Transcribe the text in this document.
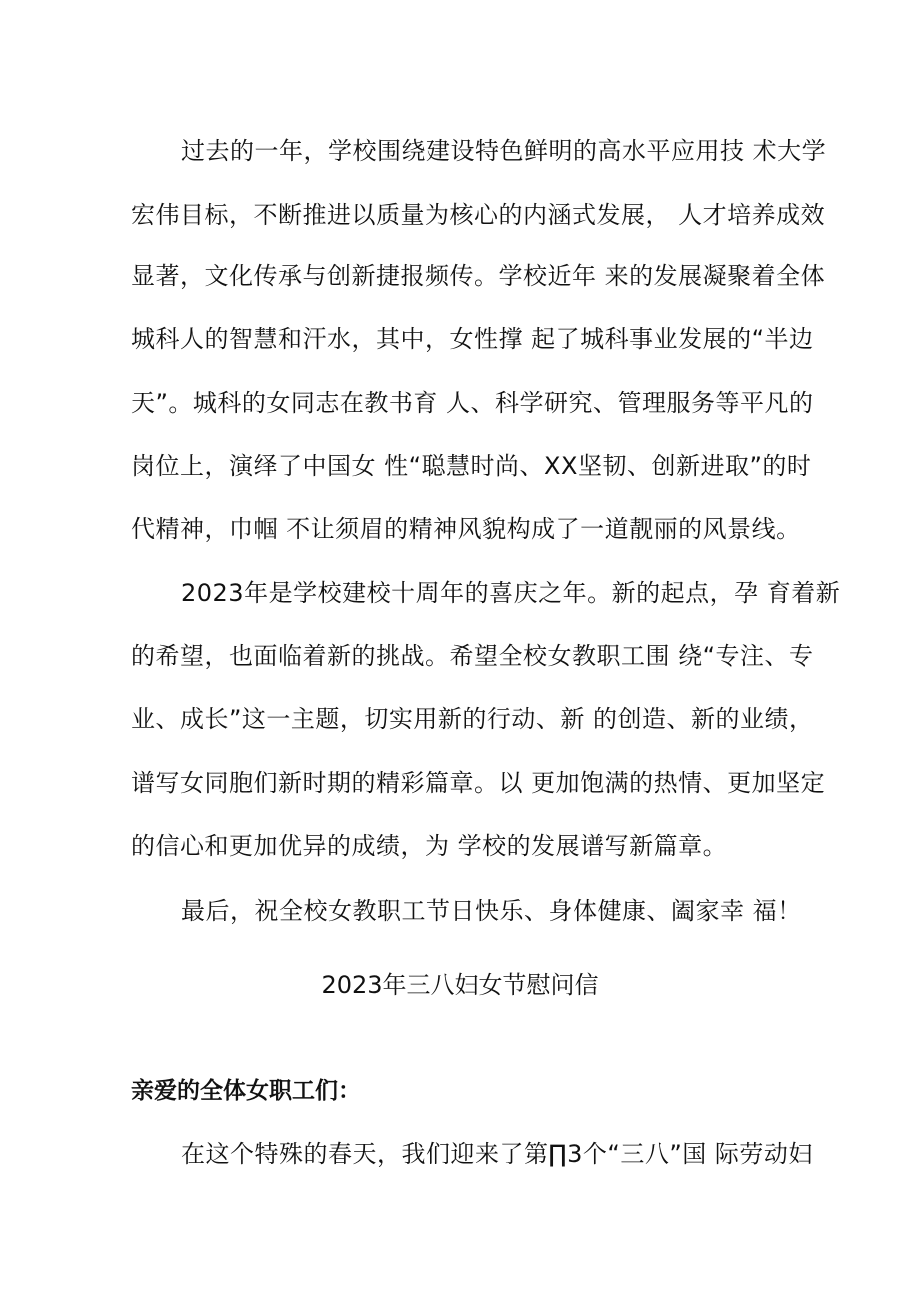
过去的一年，学校围绕建设特色鲜明的高水平应用技 术大学
宏伟目标，不断推进以质量为核心的内涵式发展， 人才培养成效
显著，文化传承与创新捷报频传。学校近年 来的发展凝聚着全体
城科人的智慧和汗水，其中，女性撑 起了城科事业发展的“半边
天”。城科的女同志在教书育 人、科学研究、管理服务等平凡的
岗位上，演绎了中国女 性“聪慧时尚、XX坚韧、创新进取”的时
代精神，巾帼 不让须眉的精神风貌构成了一道靓丽的风景线。
2023年是学校建校十周年的喜庆之年。新的起点，孕 育着新
的希望，也面临着新的挑战。希望全校女教职工围 绕“专注、专
业、成长”这一主题，切实用新的行动、新 的创造、新的业绩，
谱写女同胞们新时期的精彩篇章。以 更加饱满的热情、更加坚定
的信心和更加优异的成绩，为 学校的发展谱写新篇章。
最后，祝全校女教职工节日快乐、身体健康、阖家幸 福！
2023年三八妇女节慰问信
亲爱的全体女职工们：
在这个特殊的春天，我们迎来了第∏3个“三八”国 际劳动妇
